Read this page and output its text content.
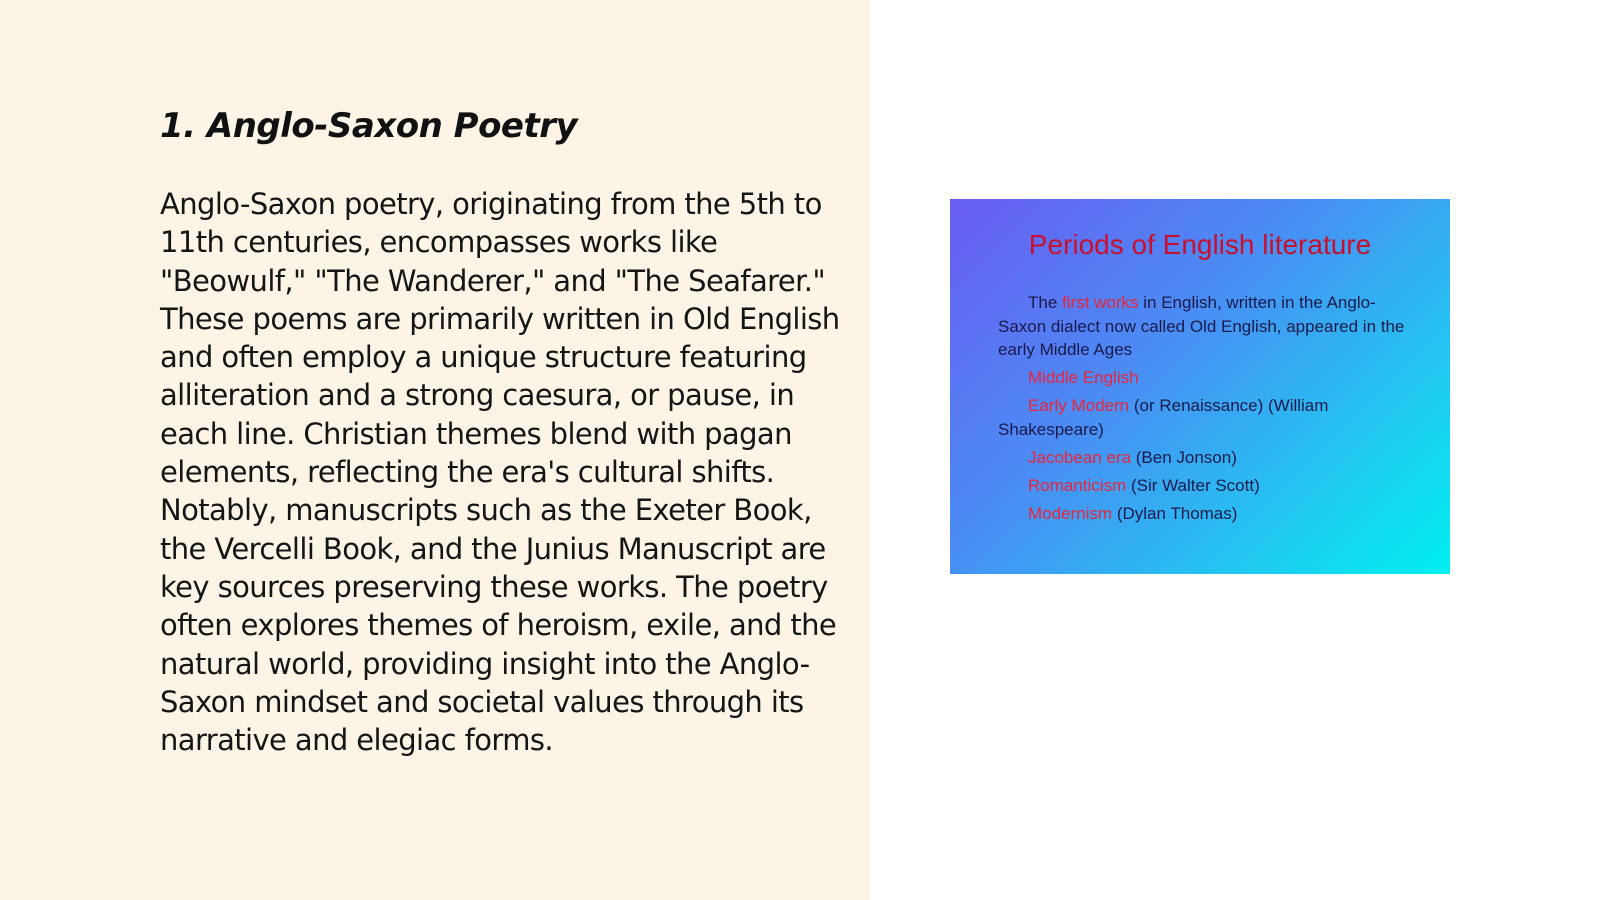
1. Anglo-Saxon Poetry

Anglo-Saxon poetry, originating from the 5th to 11th centuries, encompasses works like "Beowulf," "The Wanderer," and "The Seafarer." These poems are primarily written in Old English and often employ a unique structure featuring alliteration and a strong caesura, or pause, in each line. Christian themes blend with pagan elements, reflecting the era's cultural shifts. Notably, manuscripts such as the Exeter Book, the Vercelli Book, and the Junius Manuscript are key sources preserving these works. The poetry often explores themes of heroism, exile, and the natural world, providing insight into the Anglo-Saxon mindset and societal values through its narrative and elegiac forms.

Periods of English literature
The first works in English, written in the Anglo-Saxon dialect now called Old English, appeared in the early Middle Ages
Middle English
Early Modern (or Renaissance) (William Shakespeare)
Jacobean era (Ben Jonson)
Romanticism (Sir Walter Scott)
Modernism (Dylan Thomas)
